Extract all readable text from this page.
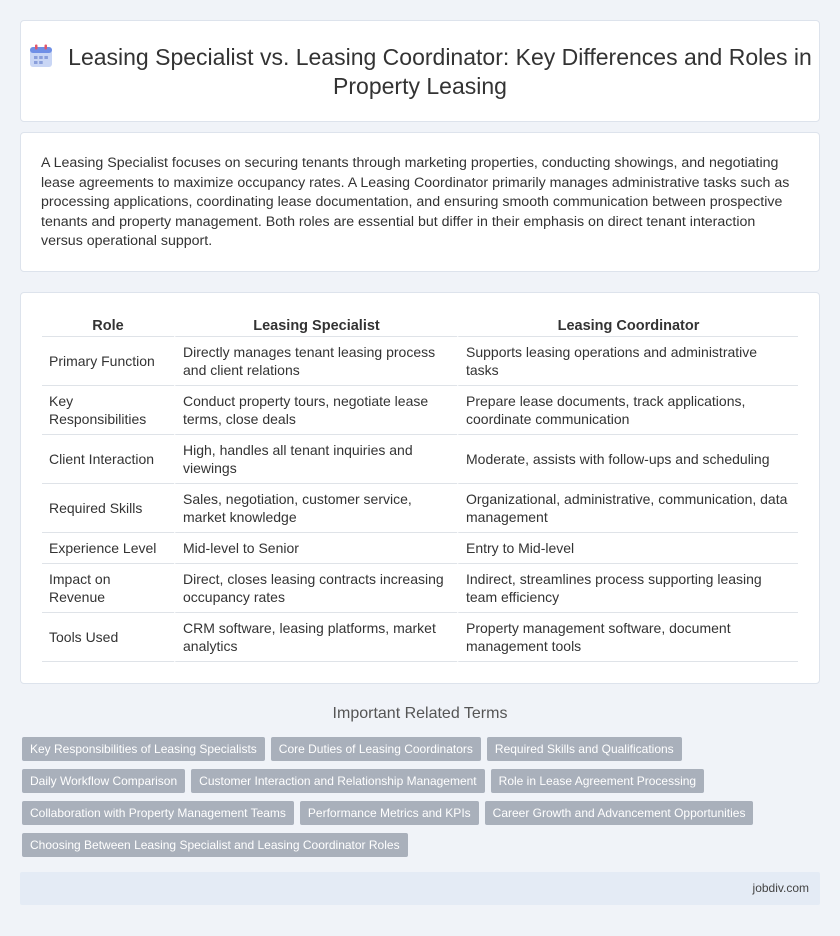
Leasing Specialist vs. Leasing Coordinator: Key Differences and Roles in Property Leasing

A Leasing Specialist focuses on securing tenants through marketing properties, conducting showings, and negotiating lease agreements to maximize occupancy rates. A Leasing Coordinator primarily manages administrative tasks such as processing applications, coordinating lease documentation, and ensuring smooth communication between prospective tenants and property management. Both roles are essential but differ in their emphasis on direct tenant interaction versus operational support.

Role	Leasing Specialist	Leasing Coordinator
Primary Function	Directly manages tenant leasing process and client relations	Supports leasing operations and administrative tasks
Key Responsibilities	Conduct property tours, negotiate lease terms, close deals	Prepare lease documents, track applications, coordinate communication
Client Interaction	High, handles all tenant inquiries and viewings	Moderate, assists with follow-ups and scheduling
Required Skills	Sales, negotiation, customer service, market knowledge	Organizational, administrative, communication, data management
Experience Level	Mid-level to Senior	Entry to Mid-level
Impact on Revenue	Direct, closes leasing contracts increasing occupancy rates	Indirect, streamlines process supporting leasing team efficiency
Tools Used	CRM software, leasing platforms, market analytics	Property management software, document management tools
Important Related Terms
Key Responsibilities of Leasing Specialists	Core Duties of Leasing Coordinators	Required Skills and Qualifications
Daily Workflow Comparison	Customer Interaction and Relationship Management	Role in Lease Agreement Processing
Collaboration with Property Management Teams	Performance Metrics and KPIs	Career Growth and Advancement Opportunities
Choosing Between Leasing Specialist and Leasing Coordinator Roles
jobdiv.com
